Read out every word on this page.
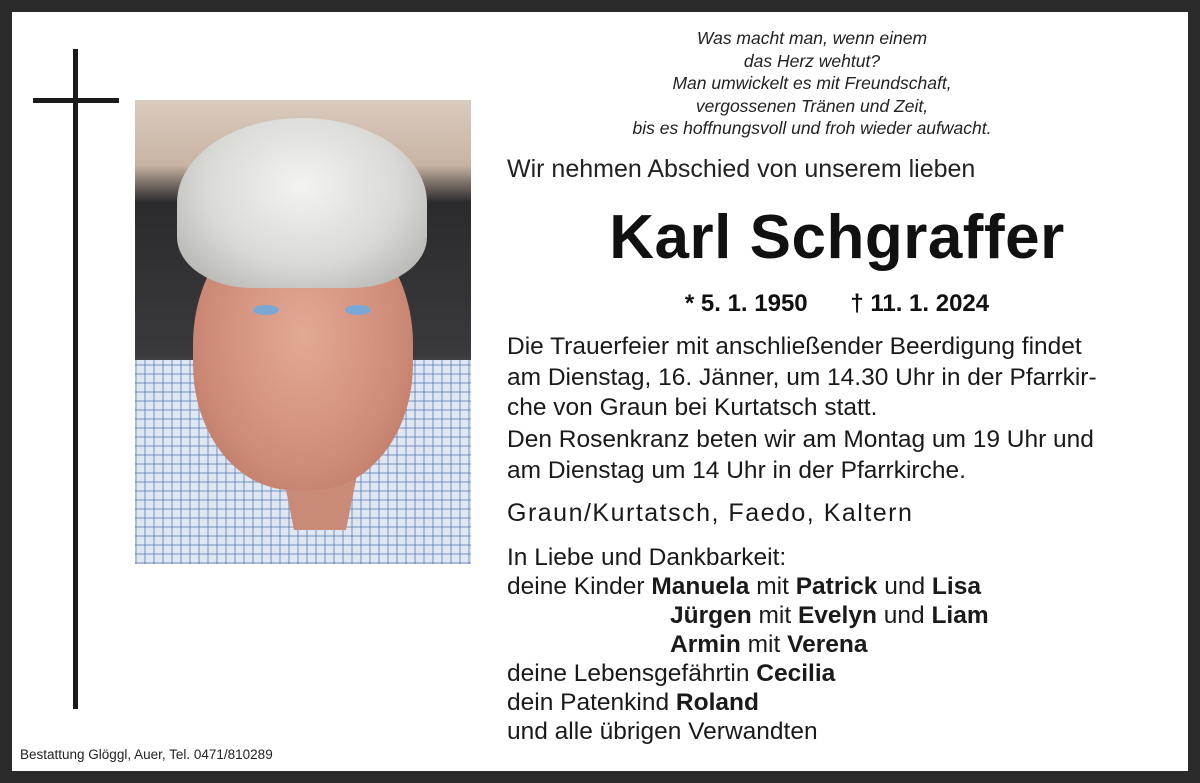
Was macht man, wenn einem
das Herz wehtut?
Man umwickelt es mit Freundschaft,
vergossenen Tränen und Zeit,
bis es hoffnungsvoll und froh wieder aufwacht.
Wir nehmen Abschied von unserem lieben
Karl Schgraffer
* 5. 1. 1950 † 11. 1. 2024
Die Trauerfeier mit anschließender Beerdigung findet
am Dienstag, 16. Jänner, um 14.30 Uhr in der Pfarrkir-
che von Graun bei Kurtatsch statt.
Den Rosenkranz beten wir am Montag um 19 Uhr und
am Dienstag um 14 Uhr in der Pfarrkirche.
Graun/Kurtatsch, Faedo, Kaltern
In Liebe und Dankbarkeit:
deine Kinder Manuela mit Patrick und Lisa
Jürgen mit Evelyn und Liam
Armin mit Verena
deine Lebensgefährtin Cecilia
dein Patenkind Roland
und alle übrigen Verwandten
Bestattung Glöggl, Auer, Tel. 0471/810289
